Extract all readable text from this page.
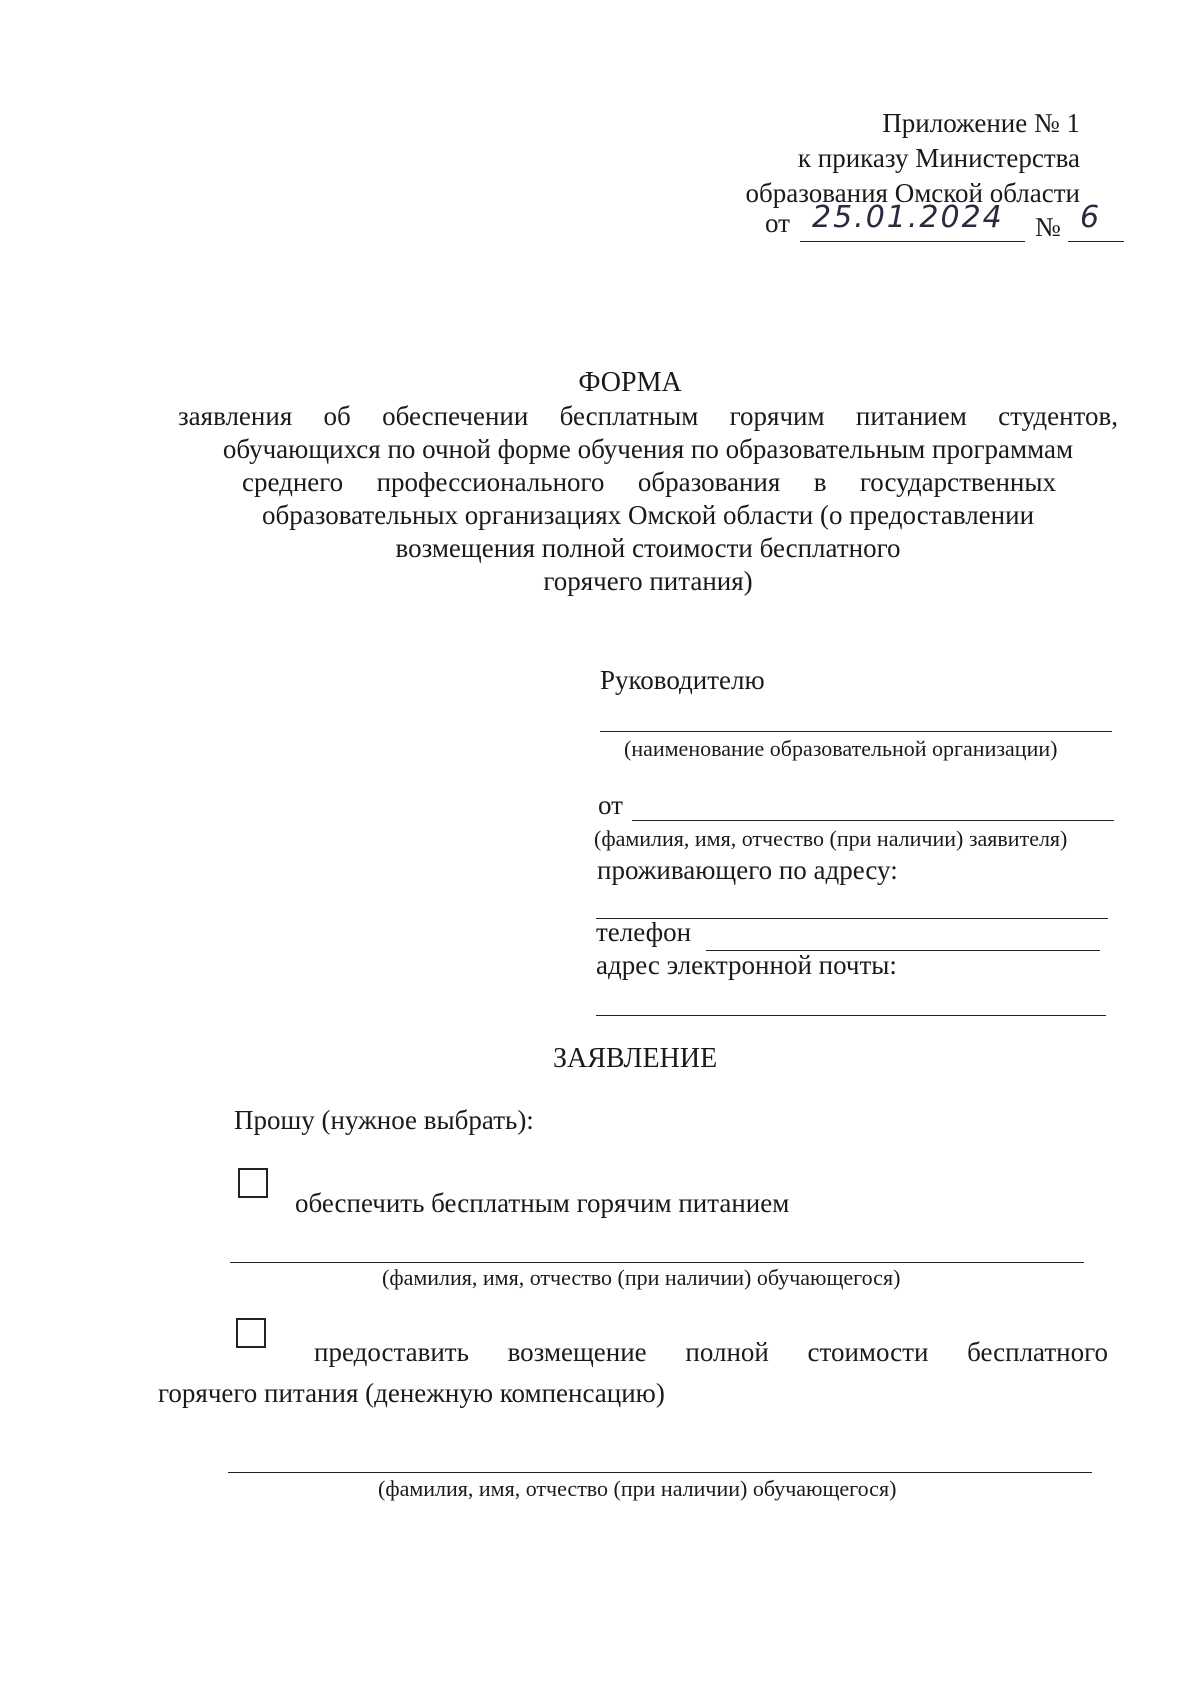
Приложение № 1
к приказу Министерства
образования Омской области
от 25.01.2024 № 6
ФОРМА
заявления об обеспечении бесплатным горячим питанием студентов,
обучающихся по очной форме обучения по образовательным программам
среднего профессионального образования в государственных
образовательных организациях Омской области (о предоставлении
возмещения полной стоимости бесплатного
горячего питания)
Руководителю
(наименование образовательной организации)
от
(фамилия, имя, отчество (при наличии) заявителя)
проживающего по адресу:
телефон
адрес электронной почты:
ЗАЯВЛЕНИЕ
Прошу (нужное выбрать):
обеспечить бесплатным горячим питанием
(фамилия, имя, отчество (при наличии) обучающегося)
предоставить возмещение полной стоимости бесплатного
горячего питания (денежную компенсацию)
(фамилия, имя, отчество (при наличии) обучающегося)
